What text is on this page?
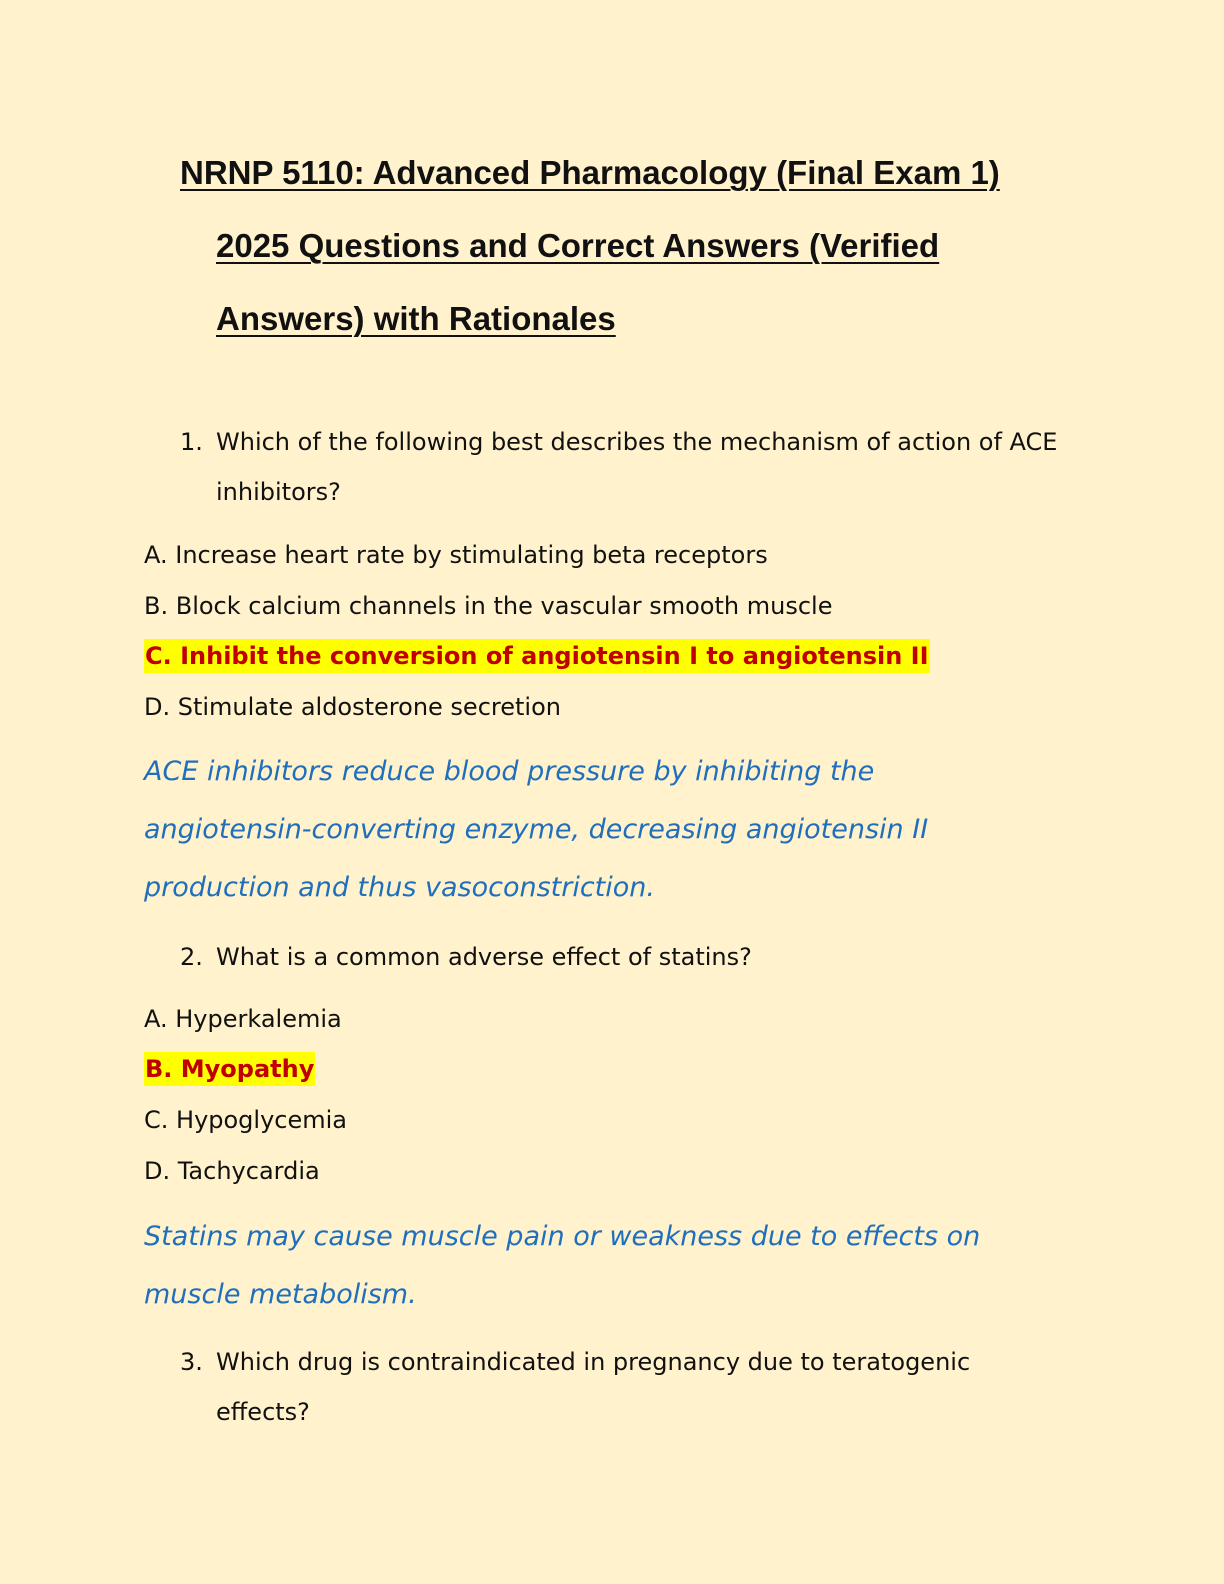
NRNP 5110: Advanced Pharmacology (Final Exam 1)
2025 Questions and Correct Answers (Verified
Answers) with Rationales
1. Which of the following best describes the mechanism of action of ACE inhibitors?
A. Increase heart rate by stimulating beta receptors
B. Block calcium channels in the vascular smooth muscle
C. Inhibit the conversion of angiotensin I to angiotensin II
D. Stimulate aldosterone secretion
ACE inhibitors reduce blood pressure by inhibiting the angiotensin-converting enzyme, decreasing angiotensin II production and thus vasoconstriction.
2. What is a common adverse effect of statins?
A. Hyperkalemia
B. Myopathy
C. Hypoglycemia
D. Tachycardia
Statins may cause muscle pain or weakness due to effects on muscle metabolism.
3. Which drug is contraindicated in pregnancy due to teratogenic effects?
